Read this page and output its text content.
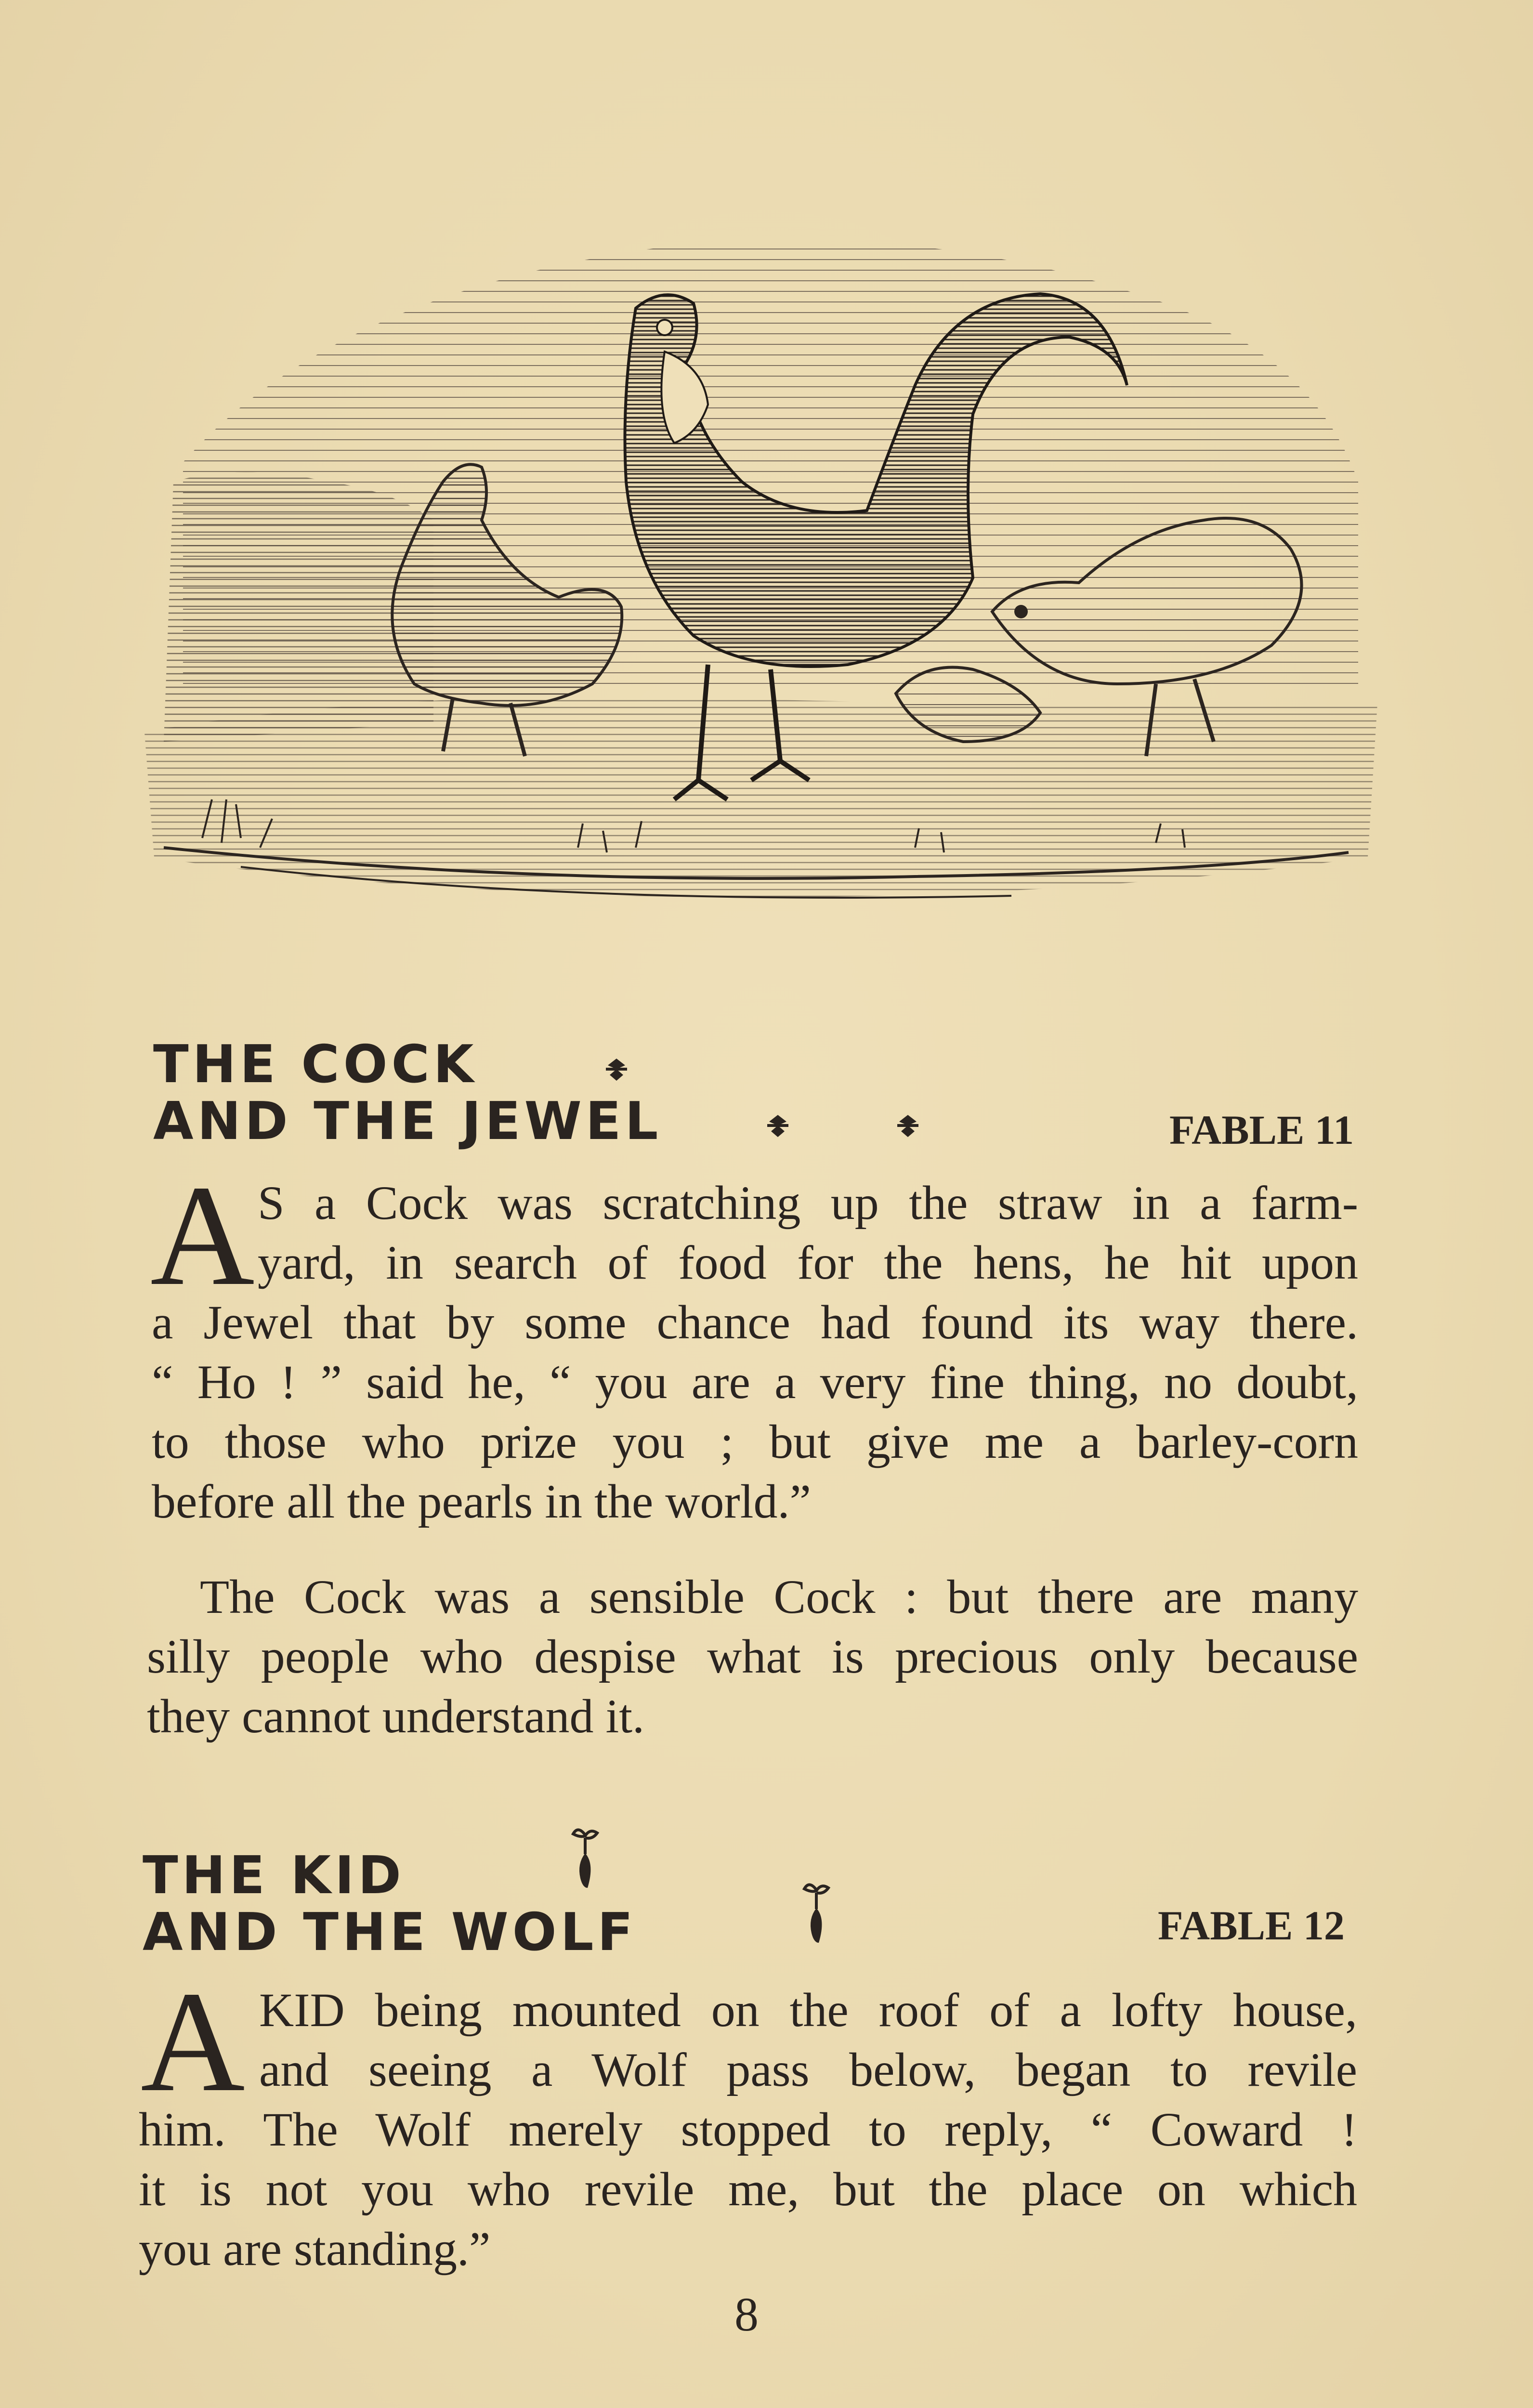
THE COCK
AND THE JEWEL	FABLE 11
A S a Cock was scratching up the straw in a farm-
yard, in search of food for the hens, he hit upon
a Jewel that by some chance had found its way there.
“ Ho ! ” said he, “ you are a very fine thing, no doubt,
to those who prize you ; but give me a barley-corn
before all the pearls in the world.”
The Cock was a sensible Cock : but there are many
silly people who despise what is precious only because
they cannot understand it.
THE KID
AND THE WOLF	FABLE 12
A KID being mounted on the roof of a lofty house,
and seeing a Wolf pass below, began to revile
him. The Wolf merely stopped to reply, “ Coward !
it is not you who revile me, but the place on which
you are standing.”
8
